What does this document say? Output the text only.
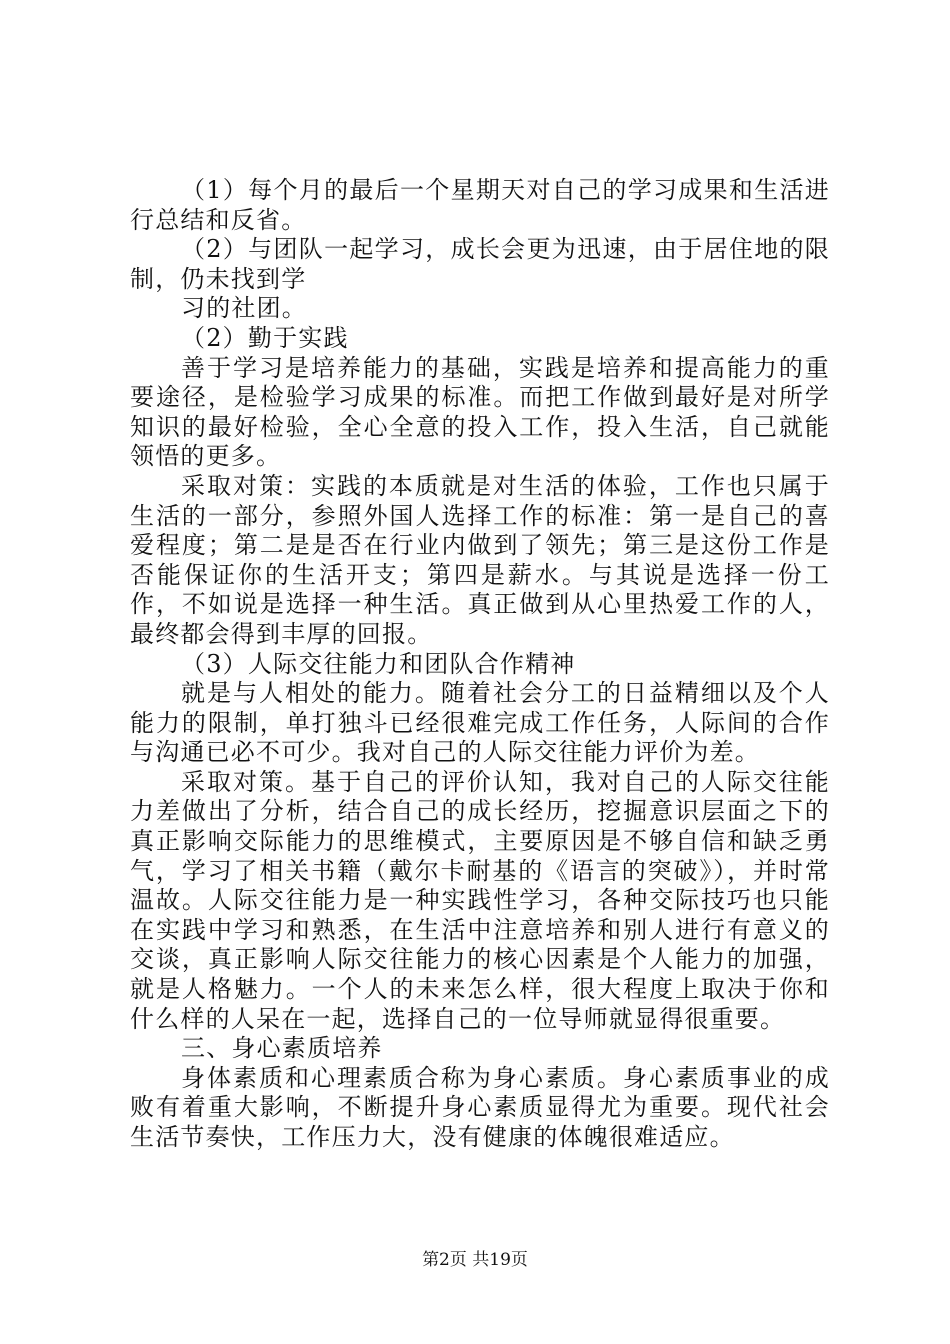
（1）每个月的最后一个星期天对自己的学习成果和生活进行总结和反省。

（2）与团队一起学习，成长会更为迅速，由于居住地的限制，仍未找到学

习的社团。

（2）勤于实践

善于学习是培养能力的基础，实践是培养和提高能力的重要途径，是检验学习成果的标准。而把工作做到最好是对所学知识的最好检验，全心全意的投入工作，投入生活，自己就能领悟的更多。

采取对策：实践的本质就是对生活的体验，工作也只属于生活的一部分，参照外国人选择工作的标准：第一是自己的喜爱程度；第二是是否在行业内做到了领先；第三是这份工作是否能保证你的生活开支；第四是薪水。与其说是选择一份工作，不如说是选择一种生活。真正做到从心里热爱工作的人，最终都会得到丰厚的回报。

（3）人际交往能力和团队合作精神

就是与人相处的能力。随着社会分工的日益精细以及个人能力的限制，单打独斗已经很难完成工作任务，人际间的合作与沟通已必不可少。我对自己的人际交往能力评价为差。

采取对策。基于自己的评价认知，我对自己的人际交往能力差做出了分析，结合自己的成长经历，挖掘意识层面之下的真正影响交际能力的思维模式，主要原因是不够自信和缺乏勇气，学习了相关书籍（戴尔卡耐基的《语言的突破》），并时常温故。人际交往能力是一种实践性学习，各种交际技巧也只能在实践中学习和熟悉，在生活中注意培养和别人进行有意义的交谈，真正影响人际交往能力的核心因素是个人能力的加强，就是人格魅力。一个人的未来怎么样，很大程度上取决于你和什么样的人呆在一起，选择自己的一位导师就显得很重要。

三、身心素质培养

身体素质和心理素质合称为身心素质。身心素质事业的成败有着重大影响，不断提升身心素质显得尤为重要。现代社会生活节奏快，工作压力大，没有健康的体魄很难适应。

第2页 共19页
